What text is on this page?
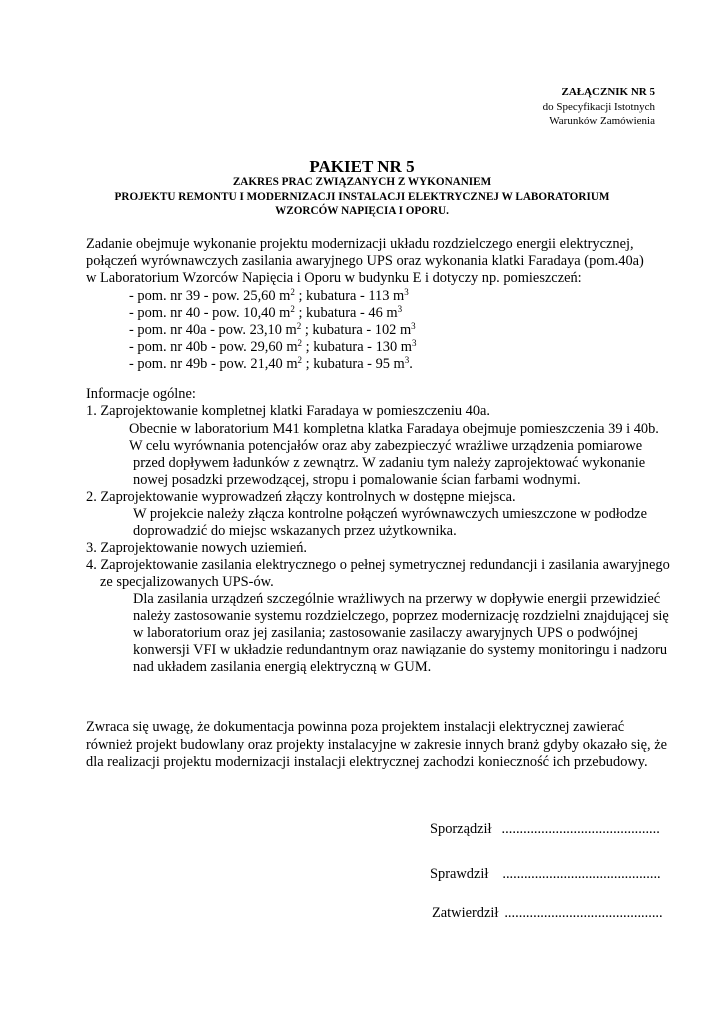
ZAŁĄCZNIK NR 5
do Specyfikacji Istotnych
Warunków Zamówienia
PAKIET NR 5
ZAKRES PRAC ZWIĄZANYCH Z WYKONANIEM
PROJEKTU REMONTU I MODERNIZACJI INSTALACJI ELEKTRYCZNEJ W LABORATORIUM
WZORCÓW NAPIĘCIA I OPORU.
Zadanie obejmuje wykonanie projektu modernizacji układu rozdzielczego energii elektrycznej,
połączeń wyrównawczych zasilania awaryjnego UPS oraz wykonania klatki Faradaya (pom.40a)
w Laboratorium Wzorców Napięcia i Oporu w budynku E i dotyczy np. pomieszczeń:
- pom. nr 39 - pow. 25,60 $m^2$ ; kubatura - 113 $m^3$
- pom. nr 40 - pow. 10,40 $m^2$ ; kubatura - 46 $m^3$
- pom. nr 40a - pow. 23,10 $m^2$ ; kubatura - 102 $m^3$
- pom. nr 40b - pow. 29,60 $m^2$ ; kubatura - 130 $m^3$
- pom. nr 49b - pow. 21,40 $m^2$ ; kubatura - 95 $m^3$.
Informacje ogólne:
1. Zaprojektowanie kompletnej klatki Faradaya w pomieszczeniu 40a.
Obecnie w laboratorium M41 kompletna klatka Faradaya obejmuje pomieszczenia 39 i 40b.
W celu wyrównania potencjałów oraz aby zabezpieczyć wrażliwe urządzenia pomiarowe
przed dopływem ładunków z zewnątrz. W zadaniu tym należy zaprojektować wykonanie
nowej posadzki przewodzącej, stropu i pomalowanie ścian farbami wodnymi.
2. Zaprojektowanie wyprowadzeń złączy kontrolnych w dostępne miejsca.
W projekcie należy złącza kontrolne połączeń wyrównawczych umieszczone w podłodze
doprowadzić do miejsc wskazanych przez użytkownika.
3. Zaprojektowanie nowych uziemień.
4. Zaprojektowanie zasilania elektrycznego o pełnej symetrycznej redundancji i zasilania awaryjnego
ze specjalizowanych UPS-ów.
Dla zasilania urządzeń szczególnie wrażliwych na przerwy w dopływie energii przewidzieć
należy zastosowanie systemu rozdzielczego, poprzez modernizację rozdzielni znajdującej się
w laboratorium oraz jej zasilania; zastosowanie zasilaczy awaryjnych UPS o podwójnej
konwersji VFI w układzie redundantnym oraz nawiązanie do systemy monitoringu i nadzoru
nad układem zasilania energią elektryczną w GUM.
Zwraca się uwagę, że dokumentacja powinna poza projektem instalacji elektrycznej zawierać
również projekt budowlany oraz projekty instalacyjne w zakresie innych branż gdyby okazało się, że
dla realizacji projektu modernizacji instalacji elektrycznej zachodzi konieczność ich przebudowy.
Sporządził ............................................
Sprawdził ............................................
Zatwierdził ............................................
